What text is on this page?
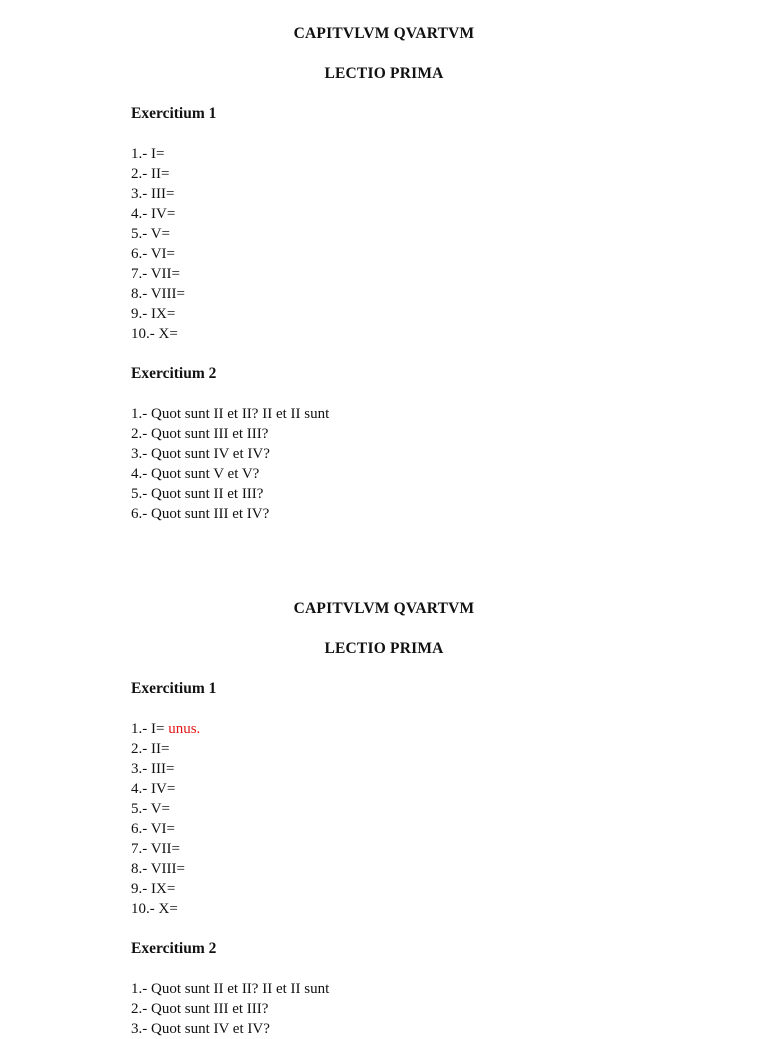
CAPITVLVM QVARTVM
LECTIO PRIMA
Exercitium 1
1.- I=
2.- II=
3.- III=
4.- IV=
5.- V=
6.- VI=
7.- VII=
8.- VIII=
9.- IX=
10.- X=
Exercitium 2
1.- Quot sunt II et II? II et II sunt
2.- Quot sunt III et III?
3.- Quot sunt IV et IV?
4.- Quot sunt V et V?
5.- Quot sunt II et III?
6.- Quot sunt III et IV?
CAPITVLVM QVARTVM
LECTIO PRIMA
Exercitium 1
1.- I= unus.
2.- II=
3.- III=
4.- IV=
5.- V=
6.- VI=
7.- VII=
8.- VIII=
9.- IX=
10.- X=
Exercitium 2
1.- Quot sunt II et II? II et II sunt
2.- Quot sunt III et III?
3.- Quot sunt IV et IV?
